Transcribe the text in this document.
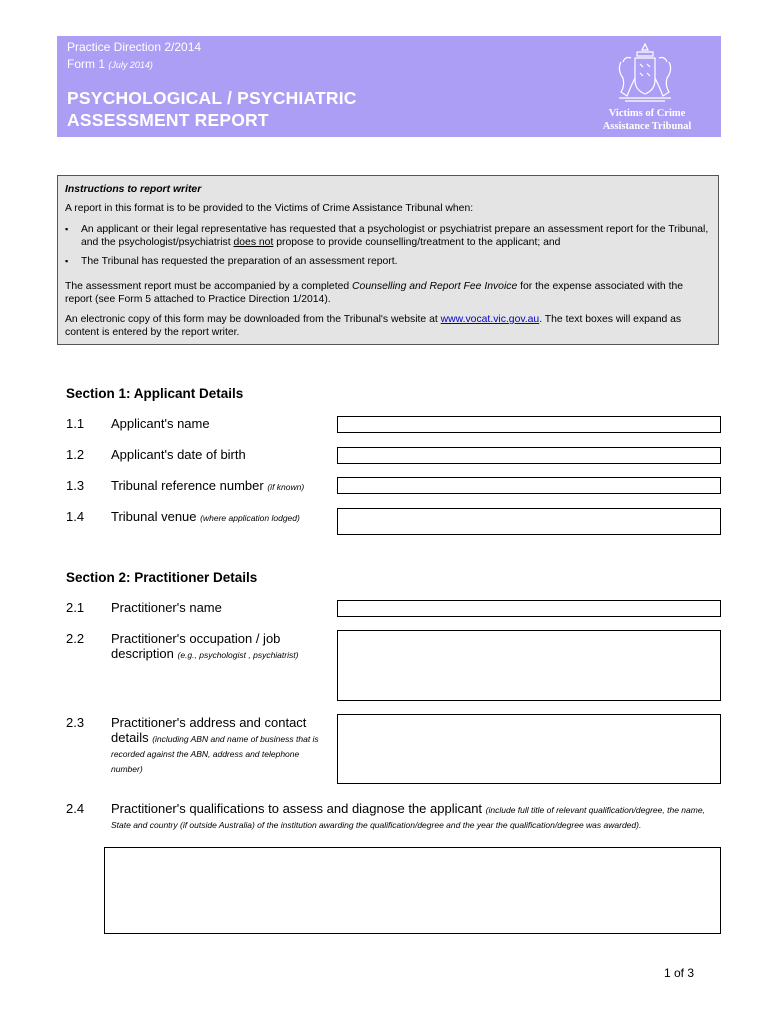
Practice Direction 2/2014
Form 1 (July 2014)
PSYCHOLOGICAL / PSYCHIATRIC
ASSESSMENT REPORT	Victims of Crime
Assistance Tribunal
Instructions to report writer
A report in this format is to be provided to the Victims of Crime Assistance Tribunal when:
▪ An applicant or their legal representative has requested that a psychologist or psychiatrist prepare an assessment report for the Tribunal, and the psychologist/psychiatrist does not propose to provide counselling/treatment to the applicant; and
▪ The Tribunal has requested the preparation of an assessment report.
The assessment report must be accompanied by a completed Counselling and Report Fee Invoice for the expense associated with the report (see Form 5 attached to Practice Direction 1/2014).
An electronic copy of this form may be downloaded from the Tribunal's website at www.vocat.vic.gov.au. The text boxes will expand as content is entered by the report writer.
Section 1: Applicant Details
1.1 Applicant's name
1.2 Applicant's date of birth
1.3 Tribunal reference number (if known)
1.4 Tribunal venue (where application lodged)
Section 2: Practitioner Details
2.1 Practitioner's name
2.2 Practitioner's occupation / job description (e.g., psychologist , psychiatrist)
2.3 Practitioner's address and contact details (including ABN and name of business that is recorded against the ABN, address and telephone number)
2.4 Practitioner's qualifications to assess and diagnose the applicant (include full title of relevant qualification/degree, the name, State and country (if outside Australia) of the institution awarding the qualification/degree and the year the qualification/degree was awarded).
1 of 3
